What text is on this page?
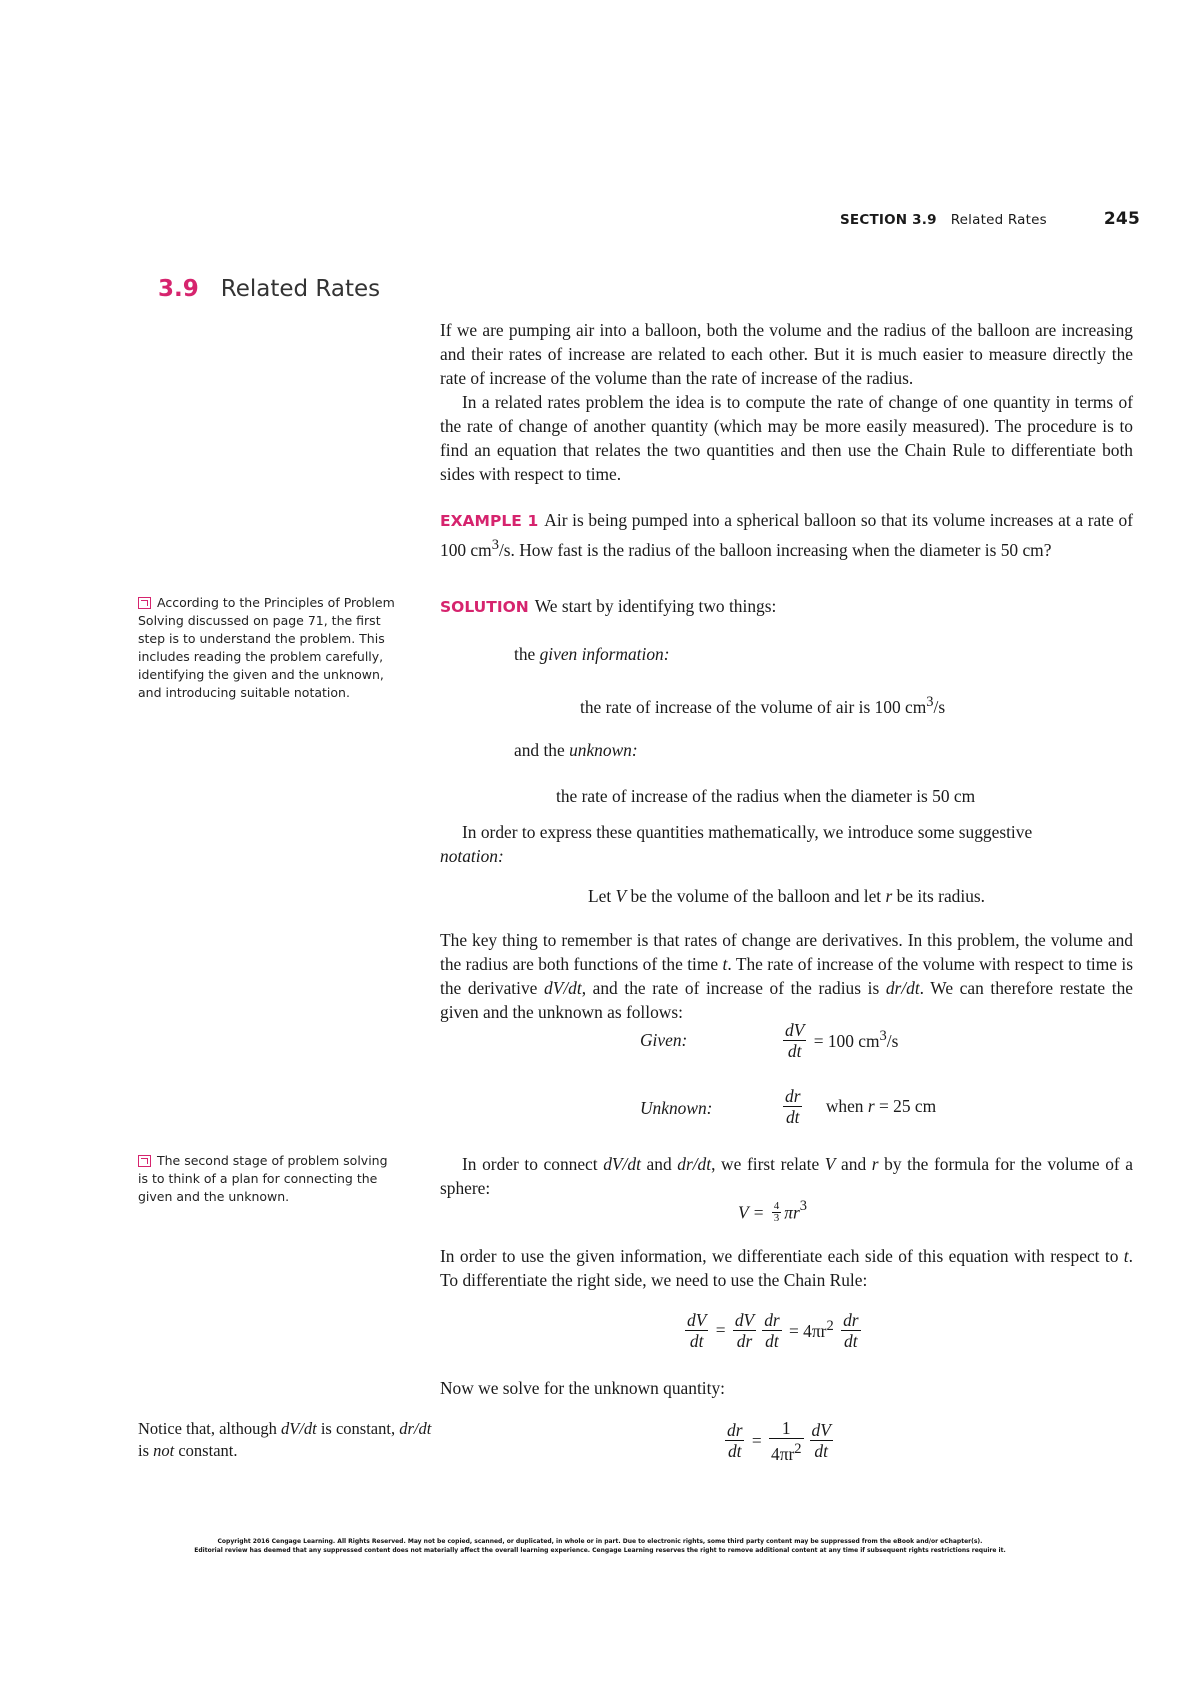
SECTION 3.9 Related Rates	245
3.9 Related Rates

If we are pumping air into a balloon, both the volume and the radius of the balloon are increasing and their rates of increase are related to each other. But it is much easier to measure directly the rate of increase of the volume than the rate of increase of the radius.

In a related rates problem the idea is to compute the rate of change of one quantity in terms of the rate of change of another quantity (which may be more easily measured). The procedure is to find an equation that relates the two quantities and then use the Chain Rule to differentiate both sides with respect to time.

EXAMPLE 1 Air is being pumped into a spherical balloon so that its volume increases at a rate of 100 $cm^3/s$. How fast is the radius of the balloon increasing when the diameter is 50 cm?

SOLUTION We start by identifying two things:

the given information:
the rate of increase of the volume of air is 100 $cm^3/s$
and the unknown:
the rate of increase of the radius when the diameter is 50 cm

In order to express these quantities mathematically, we introduce some suggestive

notation:

Let V be the volume of the balloon and let r be its radius.

The key thing to remember is that rates of change are derivatives. In this problem, the volume and the radius are both functions of the time t. The rate of increase of the volume with respect to time is the derivative dV/dt, and the rate of increase of the radius is dr/dt. We can therefore restate the given and the unknown as follows:

Given:	$\frac{dV}{dt} = 100$ $cm^3/s$
Unknown:	$\frac{dr}{dt}$ when r = 25 cm

In order to connect dV/dt and dr/dt, we first relate V and r by the formula for the volume of a sphere:

$V = \frac{4}{3} \pi r^3$

In order to use the given information, we differentiate each side of this equation with respect to t. To differentiate the right side, we need to use the Chain Rule:

$\frac{dV}{dt} = \frac{dV}{dr} \frac{dr}{dt} = 4\pi r^2 \frac{dr}{dt}$

Now we solve for the unknown quantity:

$\frac{dr}{dt} = \frac{1}{4\pi r^2} \frac{dV}{dt}$
According to the Principles of Problem Solving discussed on page 71, the first step is to understand the problem. This includes reading the problem carefully, identifying the given and the unknown, and introducing suitable notation.
The second stage of problem solving is to think of a plan for connecting the given and the unknown.
Notice that, although dV/dt is constant, dr/dt is not constant.
Copyright 2016 Cengage Learning. All Rights Reserved. May not be copied, scanned, or duplicated, in whole or in part. Due to electronic rights, some third party content may be suppressed from the eBook and/or eChapter(s).
Editorial review has deemed that any suppressed content does not materially affect the overall learning experience. Cengage Learning reserves the right to remove additional content at any time if subsequent rights restrictions require it.
